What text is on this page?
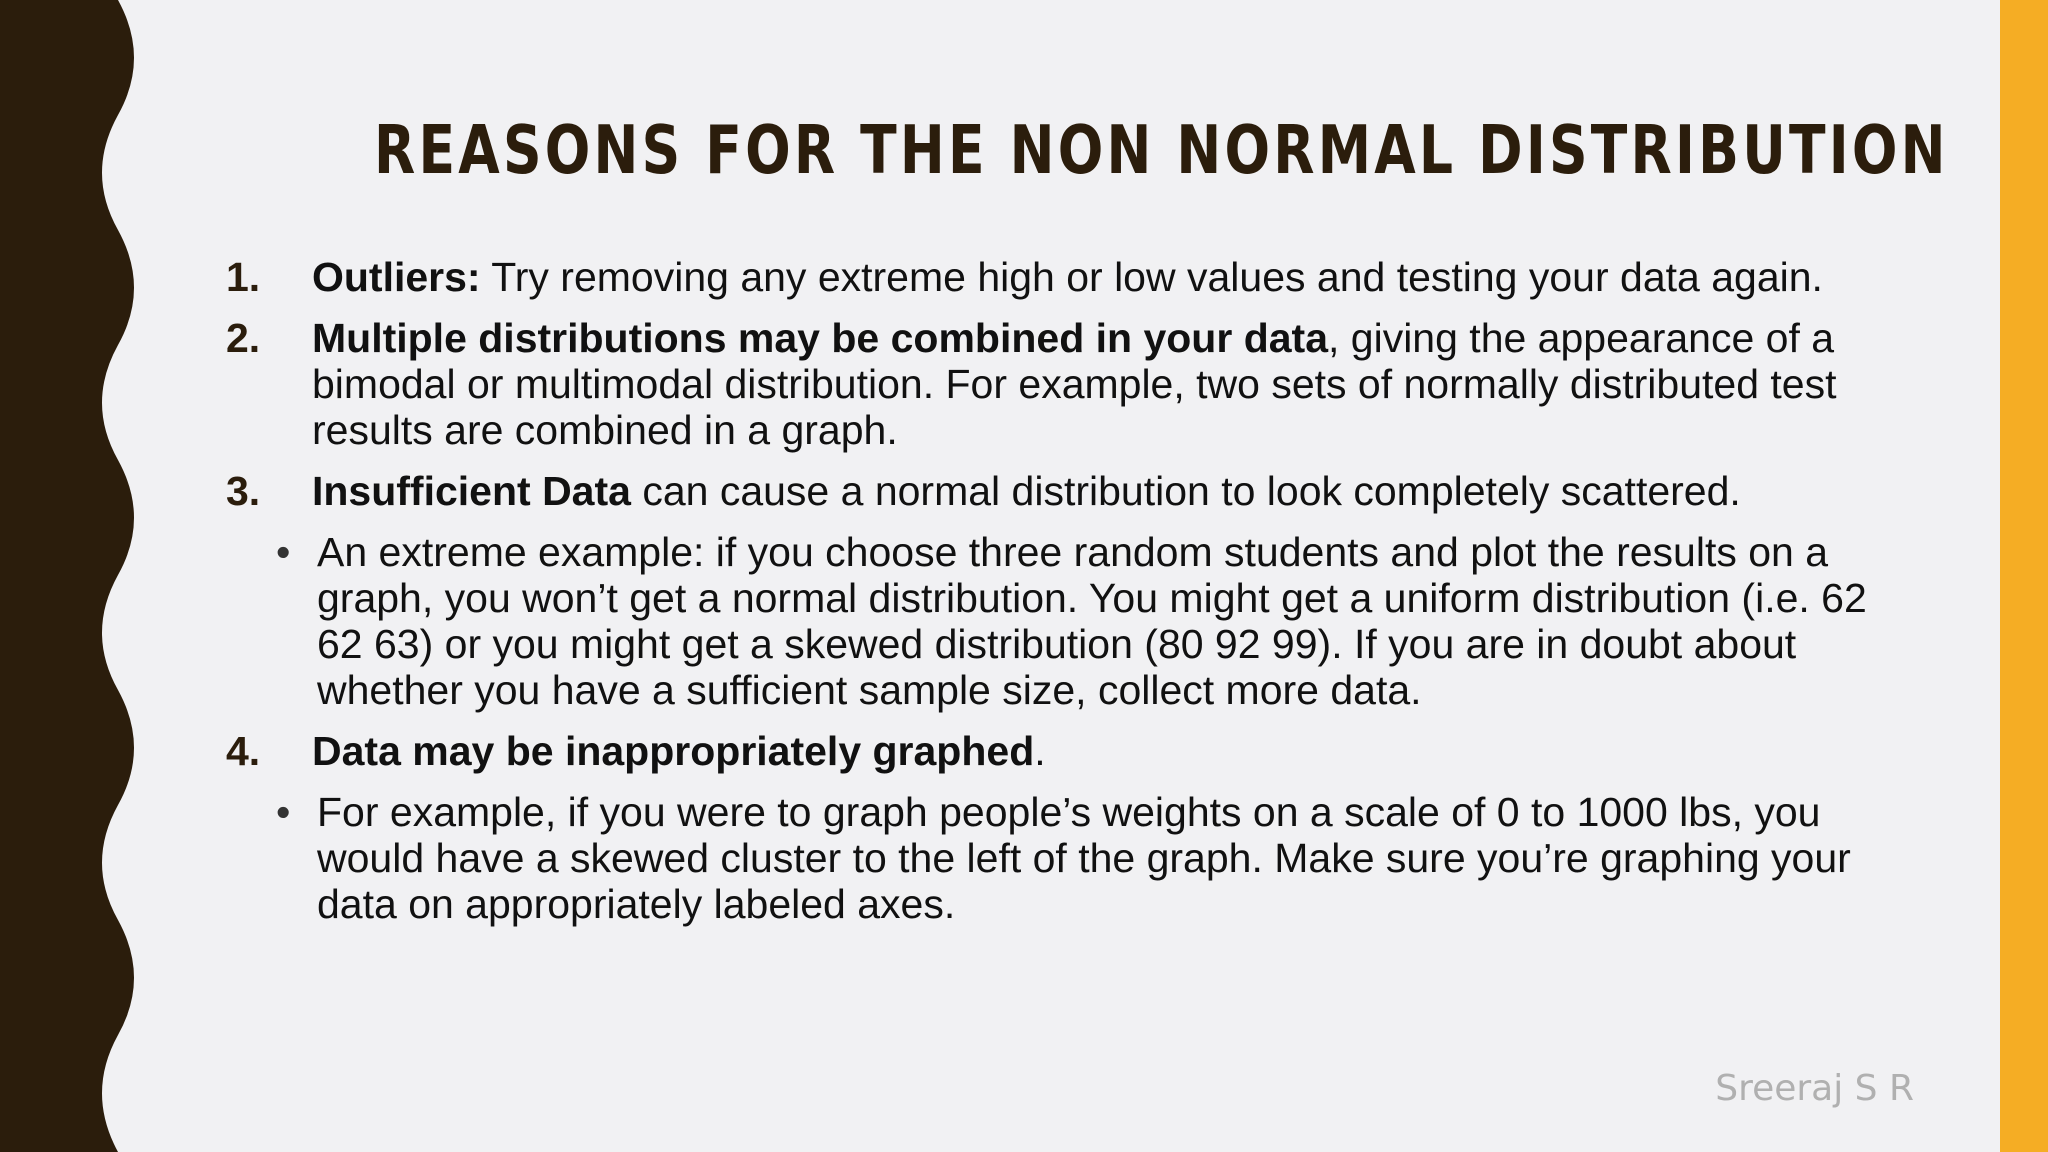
REASONS FOR THE NON NORMAL DISTRIBUTION
1. Outliers: Try removing any extreme high or low values and testing your data again.
2. Multiple distributions may be combined in your data, giving the appearance of a bimodal or multimodal distribution. For example, two sets of normally distributed test results are combined in a graph.
3. Insufficient Data can cause a normal distribution to look completely scattered.
• An extreme example: if you choose three random students and plot the results on a graph, you won’t get a normal distribution. You might get a uniform distribution (i.e. 62 62 63) or you might get a skewed distribution (80 92 99). If you are in doubt about whether you have a sufficient sample size, collect more data.
4. Data may be inappropriately graphed.
• For example, if you were to graph people’s weights on a scale of 0 to 1000 lbs, you would have a skewed cluster to the left of the graph. Make sure you’re graphing your data on appropriately labeled axes.
Sreeraj S R
